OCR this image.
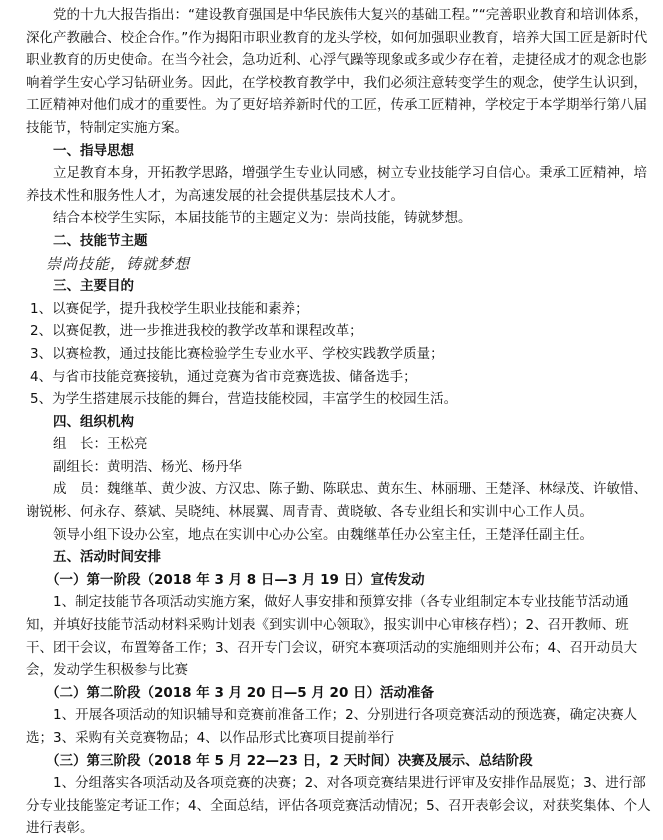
党的十九大报告指出：“建设教育强国是中华民族伟大复兴的基础工程。”“完善职业教育和培训体系，深化产教融合、校企合作。”作为揭阳市职业教育的龙头学校，如何加强职业教育，培养大国工匠是新时代职业教育的历史使命。在当今社会，急功近利、心浮气躁等现象或多或少存在着，走捷径成才的观念也影响着学生安心学习钻研业务。因此，在学校教育教学中，我们必须注意转变学生的观念，使学生认识到，工匠精神对他们成才的重要性。为了更好培养新时代的工匠，传承工匠精神，学校定于本学期举行第八届技能节，特制定实施方案。

一、指导思想

立足教育本身，开拓教学思路，增强学生专业认同感，树立专业技能学习自信心。秉承工匠精神，培养技术性和服务性人才，为高速发展的社会提供基层技术人才。

结合本校学生实际，本届技能节的主题定义为：崇尚技能，铸就梦想。

二、技能节主题

崇尚技能，铸就梦想

三、主要目的

1、以赛促学，提升我校学生职业技能和素养；

2、以赛促教，进一步推进我校的教学改革和课程改革；

3、以赛检教，通过技能比赛检验学生专业水平、学校实践教学质量；

4、与省市技能竞赛接轨，通过竞赛为省市竞赛选拔、储备选手；

5、为学生搭建展示技能的舞台，营造技能校园，丰富学生的校园生活。

四、组织机构

组　长：王松亮

副组长：黄明浩、杨光、杨丹华

成　员：魏继革、黄少波、方汉忠、陈子勤、陈联忠、黄东生、林丽珊、王楚泽、林绿茂、许敏惜、谢锐彬、何永存、蔡斌、吴晓纯、林展翼、周青青、黄晓敏、各专业组长和实训中心工作人员。

领导小组下设办公室，地点在实训中心办公室。由魏继革任办公室主任，王楚泽任副主任。

五、活动时间安排

（一）第一阶段（2018 年 3 月 8 日—3 月 19 日）宣传发动

1、制定技能节各项活动实施方案，做好人事安排和预算安排（各专业组制定本专业技能节活动通知，并填好技能节活动材料采购计划表《到实训中心领取》，报实训中心审核存档）；2、召开教师、班干、团干会议，布置筹备工作；3、召开专门会议，研究本赛项活动的实施细则并公布；4、召开动员大会，发动学生积极参与比赛

（二）第二阶段（2018 年 3 月 20 日—5 月 20 日）活动准备

1、开展各项活动的知识辅导和竞赛前准备工作；2、分别进行各项竞赛活动的预选赛，确定决赛人选；3、采购有关竞赛物品；4、以作品形式比赛项目提前举行

（三）第三阶段（2018 年 5 月 22—23 日，2 天时间）决赛及展示、总结阶段

1、分组落实各项活动及各项竞赛的决赛；2、对各项竞赛结果进行评审及安排作品展览；3、进行部分专业技能鉴定考证工作；4、全面总结，评估各项竞赛活动情况；5、召开表彰会议，对获奖集体、个人进行表彰。
